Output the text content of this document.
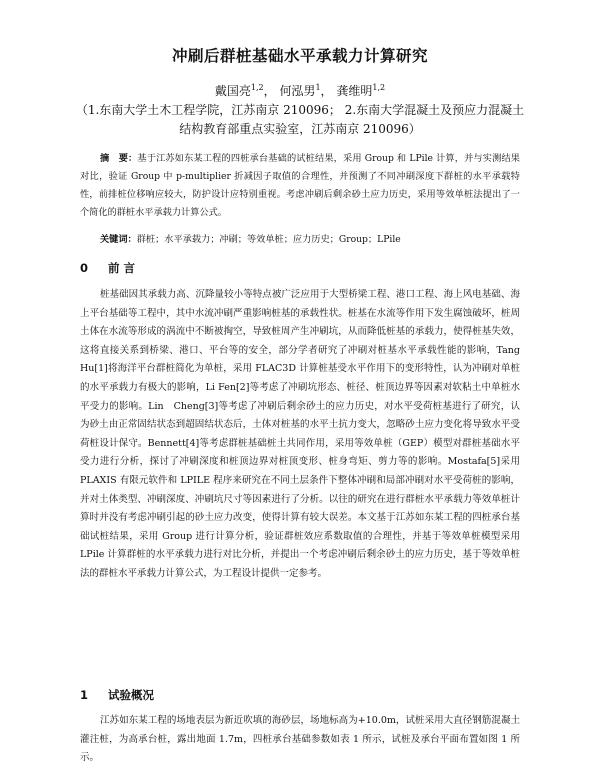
冲刷后群桩基础水平承载力计算研究
戴国亮$^{1,2}$， 何泓男$^1$， 龚维明$^{1,2}$
（1.东南大学土木工程学院，江苏南京 210096； 2.东南大学混凝土及预应力混凝土
结构教育部重点实验室，江苏南京 210096）
摘　要：基于江苏如东某工程的四桩承台基础的试桩结果，采用 Group 和 LPile 计算，并与实测结果对比，验证 Group 中 p-multiplier 折减因子取值的合理性，并预测了不同冲刷深度下群桩的水平承载特性，前排桩位移响应较大，防护设计应特别重视。考虑冲刷后剩余砂土应力历史，采用等效单桩法提出了一个简化的群桩水平承载力计算公式。
关键词：群桩；水平承载力；冲刷；等效单桩；应力历史；Group；LPile
0 前 言
桩基础因其承载力高、沉降量较小等特点被广泛应用于大型桥梁工程、港口工程、海上风电基础、海上平台基础等工程中，其中水流冲刷严重影响桩基的承载性状。桩基在水流等作用下发生腐蚀破坏，桩周土体在水流等形成的涡流中不断被掏空，导致桩周产生冲刷坑，从而降低桩基的承载力，使得桩基失效，这将直接关系到桥梁、港口、平台等的安全，部分学者研究了冲刷对桩基水平承载性能的影响，Tang Hu[1]将海洋平台群桩简化为单桩，采用 FLAC3D 计算桩基受水平作用下的变形特性，认为冲刷对单桩的水平承载力有极大的影响，Li Fen[2]等考虑了冲刷坑形态、桩径、桩顶边界等因素对软粘土中单桩水平受力的影响。Lin　Cheng[3]等考虑了冲刷后剩余砂土的应力历史，对水平受荷桩基进行了研究，认为砂土由正常固结状态到超固结状态后，土体对桩基的水平土抗力变大，忽略砂土应力变化将导致水平受荷桩设计保守。Bennett[4]等考虑群桩基础桩土共同作用，采用等效单桩（GEP）模型对群桩基础水平受力进行分析，探讨了冲刷深度和桩顶边界对桩顶变形、桩身弯矩、剪力等的影响。Mostafa[5]采用 PLAXIS 有限元软件和 LPILE 程序来研究在不同土层条件下整体冲刷和局部冲刷对水平受荷桩的影响，并对土体类型、冲刷深度、冲刷坑尺寸等因素进行了分析。以往的研究在进行群桩水平承载力等效单桩计算时并没有考虑冲刷引起的砂土应力改变，使得计算有较大误差。本文基于江苏如东某工程的四桩承台基础试桩结果，采用 Group 进行计算分析，验证群桩效应系数取值的合理性，并基于等效单桩模型采用 LPile 计算群桩的水平承载力进行对比分析，并提出一个考虑冲刷后剩余砂土的应力历史，基于等效单桩法的群桩水平承载力计算公式，为工程设计提供一定参考。
1 试验概况
江苏如东某工程的场地表层为新近吹填的海砂层，场地标高为+10.0m，试桩采用大直径钢筋混凝土灌注桩，为高承台桩，露出地面 1.7m，四桩承台基础参数如表 1 所示，试桩及承台平面布置如图 1 所示。
